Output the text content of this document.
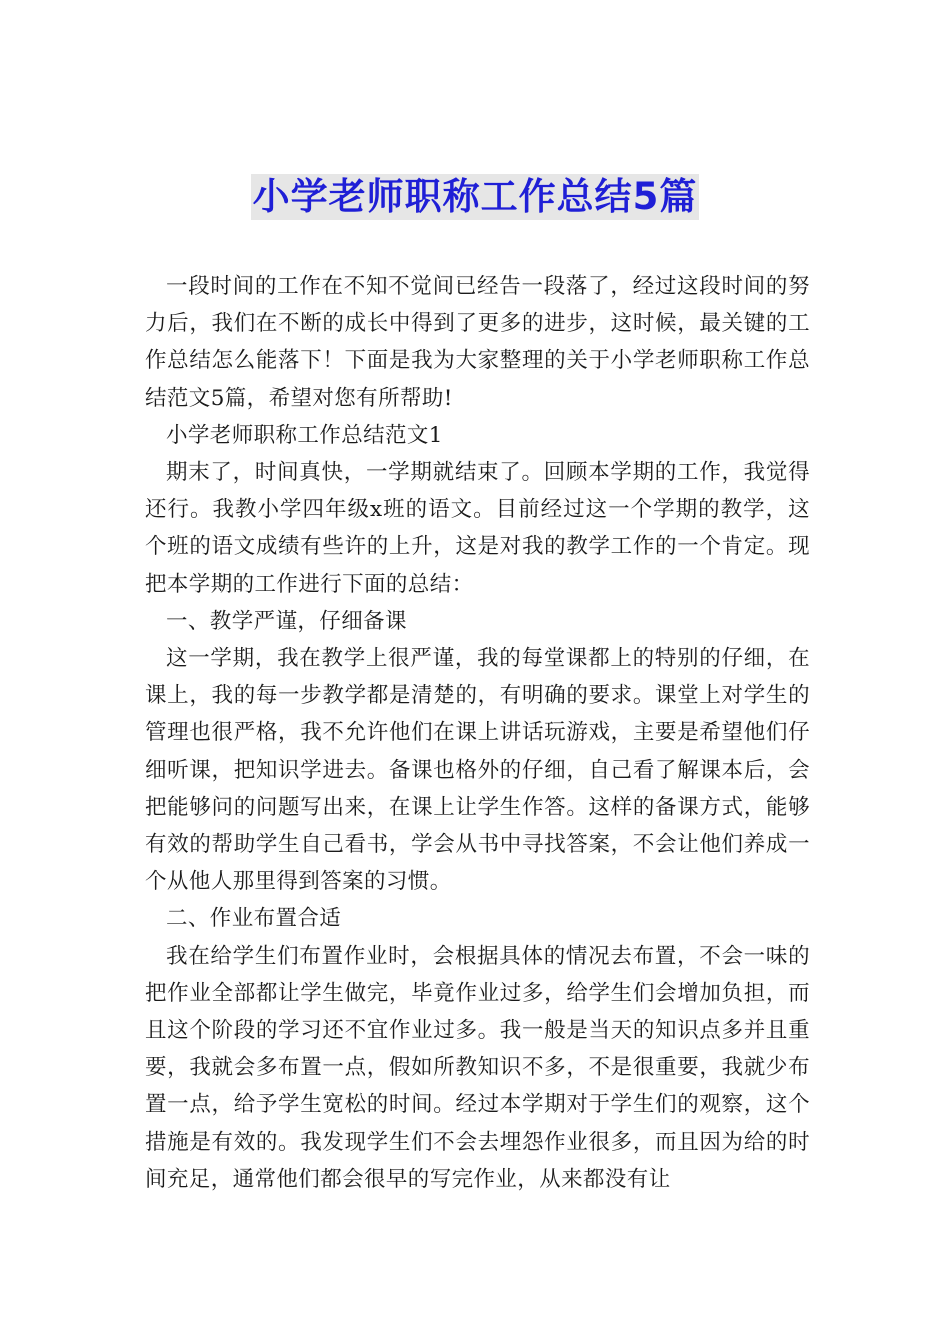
小学老师职称工作总结5篇

一段时间的工作在不知不觉间已经告一段落了，经过这段时间的努力后，我们在不断的成长中得到了更多的进步，这时候，最关键的工作总结怎么能落下！下面是我为大家整理的关于小学老师职称工作总结范文5篇，希望对您有所帮助!

小学老师职称工作总结范文1

期末了，时间真快，一学期就结束了。回顾本学期的工作，我觉得还行。我教小学四年级x班的语文。目前经过这一个学期的教学，这个班的语文成绩有些许的上升，这是对我的教学工作的一个肯定。现把本学期的工作进行下面的总结：

一、教学严谨，仔细备课

这一学期，我在教学上很严谨，我的每堂课都上的特别的仔细，在课上，我的每一步教学都是清楚的，有明确的要求。课堂上对学生的管理也很严格，我不允许他们在课上讲话玩游戏，主要是希望他们仔细听课，把知识学进去。备课也格外的仔细，自己看了解课本后，会把能够问的问题写出来，在课上让学生作答。这样的备课方式，能够有效的帮助学生自己看书，学会从书中寻找答案，不会让他们养成一个从他人那里得到答案的习惯。

二、作业布置合适

我在给学生们布置作业时，会根据具体的情况去布置，不会一味的把作业全部都让学生做完，毕竟作业过多，给学生们会增加负担，而且这个阶段的学习还不宜作业过多。我一般是当天的知识点多并且重要，我就会多布置一点，假如所教知识不多，不是很重要，我就少布置一点，给予学生宽松的时间。经过本学期对于学生们的观察，这个措施是有效的。我发现学生们不会去埋怨作业很多，而且因为给的时间充足，通常他们都会很早的写完作业，从来都没有让
